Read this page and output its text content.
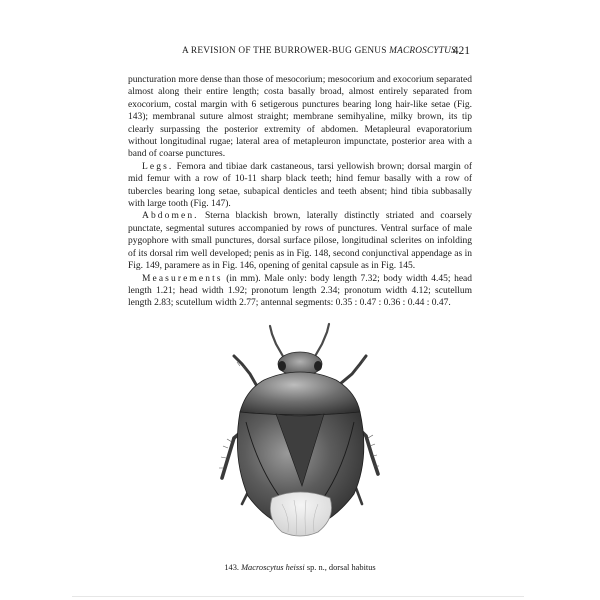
A REVISION OF THE BURROWER-BUG GENUS MACROSCYTUS
421

puncturation more dense than those of mesocorium; mesocorium and exocorium separated almost along their entire length; costa basally broad, almost entirely separated from exocorium, costal margin with 6 setigerous punctures bearing long hair-like setae (Fig. 143); membranal suture almost straight; membrane semihyaline, milky brown, its tip clearly surpassing the posterior extremity of abdomen. Metapleural evaporatorium without longitudinal rugae; lateral area of metapleuron impunctate, posterior area with a band of coarse punctures.

Legs. Femora and tibiae dark castaneous, tarsi yellowish brown; dorsal margin of mid femur with a row of 10-11 sharp black teeth; hind femur basally with a row of tubercles bearing long setae, subapical denticles and teeth absent; hind tibia subbasally with large tooth (Fig. 147).

Abdomen. Sterna blackish brown, laterally distinctly striated and coarsely punctate, segmental sutures accompanied by rows of punctures. Ventral surface of male pygophore with small punctures, dorsal surface pilose, longitudinal sclerites on infolding of its dorsal rim well developed; penis as in Fig. 148, second conjunctival appendage as in Fig. 149, paramere as in Fig. 146, opening of genital capsule as in Fig. 145.

Measurements (in mm). Male only: body length 7.32; body width 4.45; head length 1.21; head width 1.92; pronotum length 2.34; pronotum width 4.12; scutellum length 2.83; scutellum width 2.77; antennal segments: 0.35 : 0.47 : 0.36 : 0.44 : 0.47.

143. Macroscytus heissi sp. n., dorsal habitus
